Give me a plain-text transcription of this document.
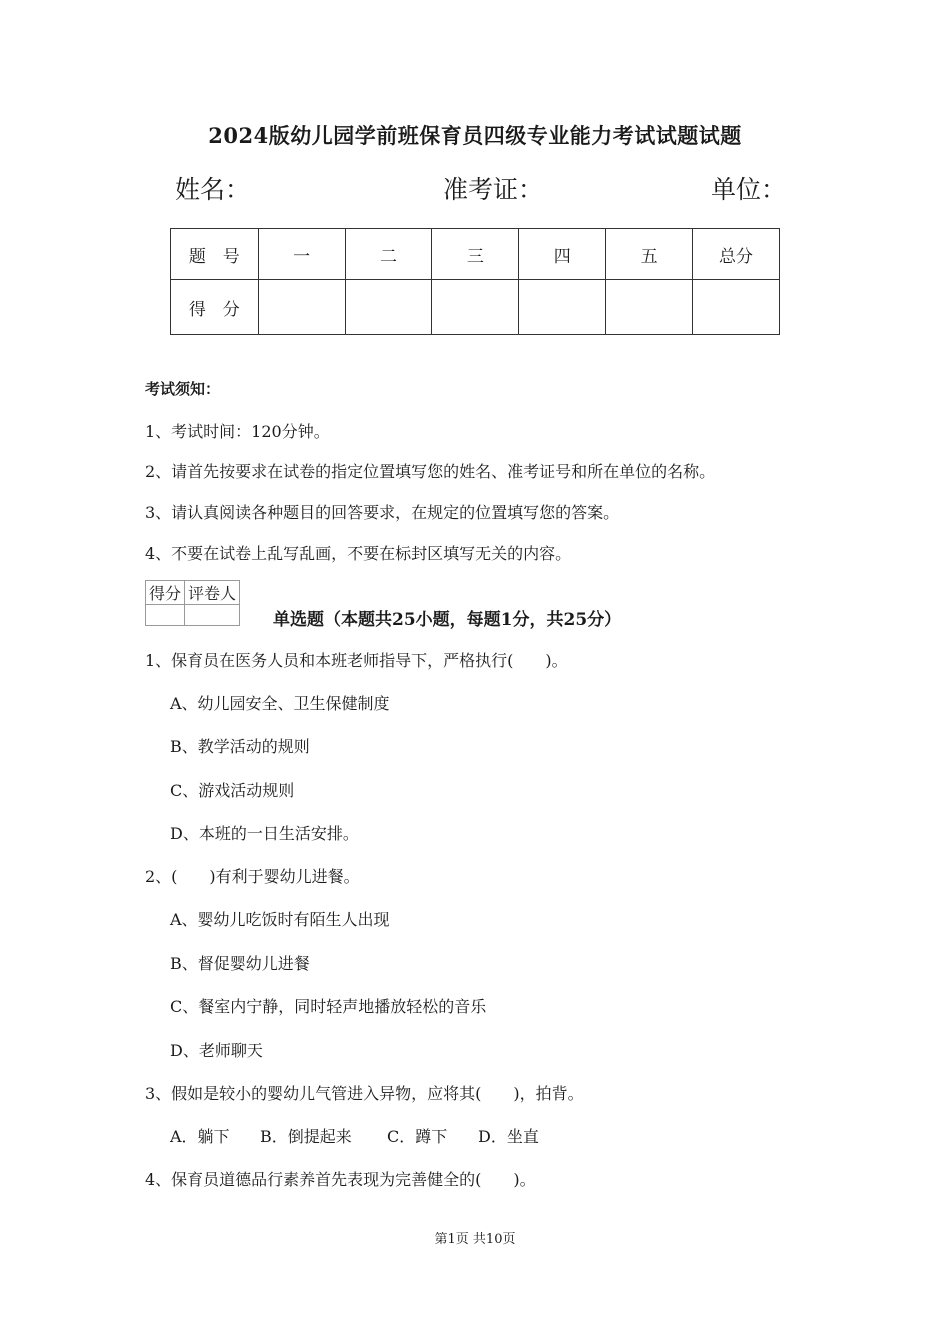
2024版幼儿园学前班保育员四级专业能力考试试题试题
姓名：	准考证：	单位：
题　号	一	二	三	四	五	总分
得　分						
考试须知：
1、考试时间：120分钟。
2、请首先按要求在试卷的指定位置填写您的姓名、准考证号和所在单位的名称。
3、请认真阅读各种题目的回答要求，在规定的位置填写您的答案。
4、不要在试卷上乱写乱画，不要在标封区填写无关的内容。
得分	评卷人

单选题（本题共25小题，每题1分，共25分）
1、保育员在医务人员和本班老师指导下，严格执行(　　)。
A、幼儿园安全、卫生保健制度
B、教学活动的规则
C、游戏活动规则
D、本班的一日生活安排。
2、(　　)有利于婴幼儿进餐。
A、婴幼儿吃饭时有陌生人出现
B、督促婴幼儿进餐
C、餐室内宁静，同时轻声地播放轻松的音乐
D、老师聊天
3、假如是较小的婴幼儿气管进入异物，应将其(　　)，拍背。
A．躺下 B．倒提起来 C．蹲下 D．坐直
4、保育员道德品行素养首先表现为完善健全的(　　)。
第1页 共10页
